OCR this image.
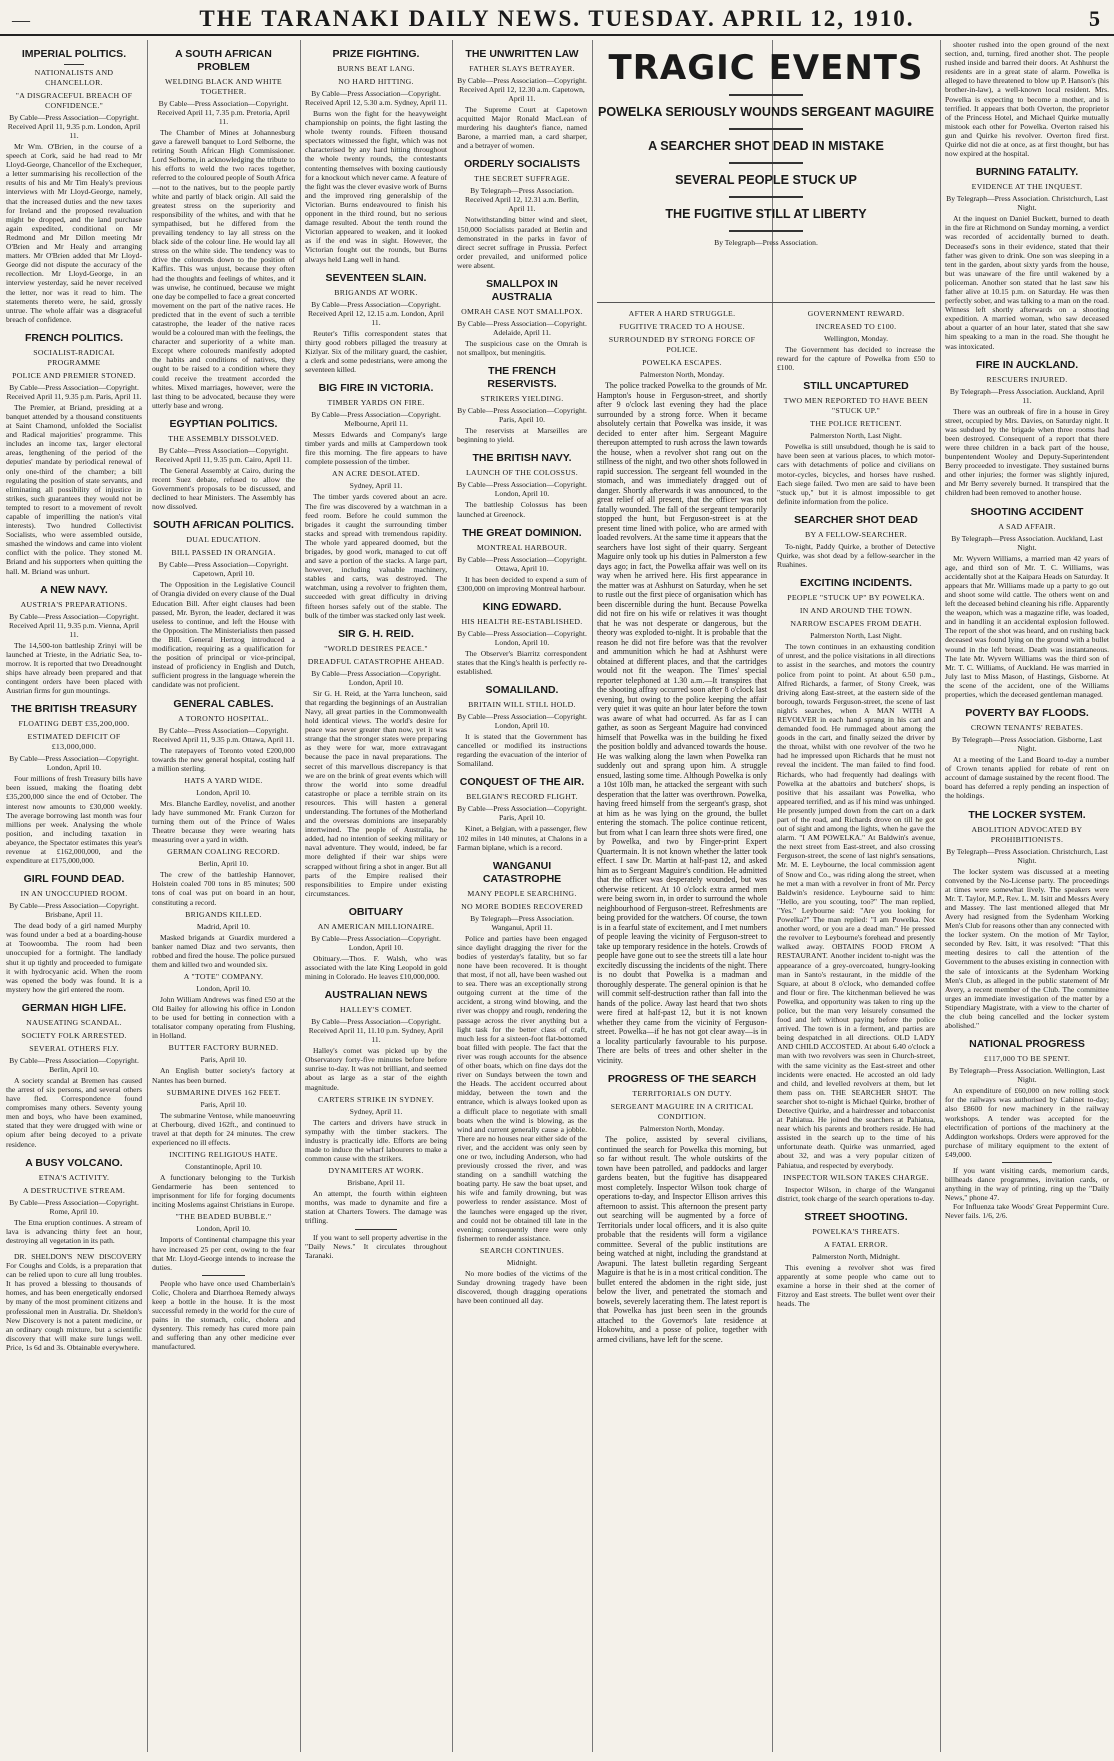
—	THE TARANAKI DAILY NEWS. TUESDAY. APRIL 12, 1910.	5
IMPERIAL POLITICS.
NATIONALISTS AND CHANCELLOR.
"A DISGRACEFUL BREACH OF CONFIDENCE."
By Cable—Press Association—Copyright. Received April 11, 9.35 p.m. London, April 11.

Mr Wm. O'Brien, in the course of a speech at Cork, said he had read to Mr Lloyd-George, Chancellor of the Exchequer, a letter summarising his recollection of the results of his and Mr Tim Healy's previous interviews with Mr Lloyd-George, namely, that the increased duties and the new taxes for Ireland and the proposed revaluation might be dropped, and the land purchase again expedited, conditional on Mr Redmond and Mr Dillon meeting Mr O'Brien and Mr Healy and arranging matters. Mr O'Brien added that Mr Lloyd-George did not dispute the accuracy of the recollection. Mr Lloyd-George, in an interview yesterday, said he never received the letter, nor was it read to him. The statements thereto were, he said, grossly untrue. The whole affair was a disgraceful breach of confidence.

FRENCH POLITICS.
SOCIALIST-RADICAL PROGRAMME
POLICE AND PREMIER STONED.
By Cable—Press Association—Copyright. Received April 11, 9.35 p.m. Paris, April 11.

The Premier, at Briand, presiding at a banquet attended by a thousand constituents at Saint Chamond, unfolded the Socialist and Radical majorities' programme. This includes an income tax, larger electoral areas, lengthening of the period of the deputies' mandate by periodical renewal of only one-third of the chamber; a bill regulating the position of state servants, and eliminating all possibility of injustice in strikes, such guarantees they would not be tempted to resort to a movement of revolt capable of imperilling the nation's vital interests). Two hundred Collectivist Socialists, who were assembled outside, smashed the windows and came into violent conflict with the police. They stoned M. Briand and his supporters when quitting the hall. M. Briand was unhurt.

A NEW NAVY.
AUSTRIA'S PREPARATIONS.
By Cable—Press Association—Copyright. Received April 11, 9.35 p.m. Vienna, April 11.

The 14,500-ton battleship Zrinyi will be launched at Trieste, in the Adriatic Sea, to-morrow. It is reported that two Dreadnought ships have already been prepared and that contingent orders have been placed with Austrian firms for gun mountings.

THE BRITISH TREASURY
FLOATING DEBT £35,200,000.
ESTIMATED DEFICIT OF £13,000,000.
By Cable—Press Association—Copyright. London, April 10.

Four millions of fresh Treasury bills have been issued, making the floating debt £35,200,000 since the end of October. The interest now amounts to £30,000 weekly. The average borrowing last month was four millions per week. Analysing the whole position, and including taxation in abeyance, the Spectator estimates this year's revenue at £162,000,000, and the expenditure at £175,000,000.

GIRL FOUND DEAD.
IN AN UNOCCUPIED ROOM.
By Cable—Press Association—Copyright. Brisbane, April 11.

The dead body of a girl named Murphy was found under a bed at a boarding-house at Toowoomba. The room had been unoccupied for a fortnight. The landlady shut it up tightly and proceeded to fumigate it with hydrocyanic acid. When the room was opened the body was found. It is a mystery how the girl entered the room.

GERMAN HIGH LIFE.
NAUSEATING SCANDAL.
SOCIETY FOLK ARRESTED.
SEVERAL OTHERS FLY.
By Cable—Press Association—Copyright. Berlin, April 10.

A society scandal at Bremen has caused the arrest of six persons, and several others have fled. Correspondence found compromises many others. Seventy young men and boys, who have been examined, stated that they were drugged with wine or opium after being decoyed to a private residence.

A BUSY VOLCANO.
ETNA'S ACTIVITY.
A DESTRUCTIVE STREAM.
By Cable—Press Association—Copyright. Rome, April 10.

The Etna eruption continues. A stream of lava is advancing thirty feet an hour, destroying all vegetation in its path.

DR. SHELDON'S NEW DISCOVERY For Coughs and Colds, is a preparation that can be relied upon to cure all lung troubles. It has proved a blessing to thousands of homes, and has been energetically endorsed by many of the most prominent citizens and professional men in Australia. Dr. Sheldon's New Discovery is not a patent medicine, or an ordinary cough mixture, but a scientific discovery that will make sure lungs well. Price, 1s 6d and 3s. Obtainable everywhere.

A SOUTH AFRICAN PROBLEM
WELDING BLACK AND WHITE TOGETHER.
By Cable—Press Association—Copyright. Received April 11, 7.35 p.m. Pretoria, April 11.

The Chamber of Mines at Johannesburg gave a farewell banquet to Lord Selborne, the retiring South African High Commissioner. Lord Selborne, in acknowledging the tribute to his efforts to weld the two races together, referred to the coloured people of South Africa—not to the natives, but to the people partly white and partly of black origin. All said the greatest stress on the superiority and responsibility of the whites, and with that he sympathised, but he differed from the prevailing tendency to lay all stress on the black side of the colour line. He would lay all stress on the white side. The tendency was to drive the coloureds down to the position of Kaffirs. This was unjust, because they often had the thoughts and feelings of whites, and it was unwise, he continued, because we might one day be compelled to face a great concerted movement on the part of the native races. He predicted that in the event of such a terrible catastrophe, the leader of the native races would be a coloured man with the feelings, the character and superiority of a white man. Except where coloureds manifestly adopted the habits and conditions of natives, they ought to be raised to a condition where they could receive the treatment accorded the whites. Mixed marriages, however, were the last thing to be advocated, because they were utterly base and wrong.

EGYPTIAN POLITICS.
THE ASSEMBLY DISSOLVED.
By Cable—Press Association—Copyright. Received April 11, 9.35 p.m. Cairo, April 11.

The General Assembly at Cairo, during the recent Suez debate, refused to allow the Government's proposals to be discussed, and declined to hear Ministers. The Assembly has now dissolved.

SOUTH AFRICAN POLITICS.
DUAL EDUCATION.
BILL PASSED IN ORANGIA.
By Cable—Press Association—Copyright. Capetown, April 10.

The Opposition in the Legislative Council of Orangia divided on every clause of the Dual Education Bill. After eight clauses had been passed, Mr. Byron, the leader, declared it was useless to continue, and left the House with the Opposition. The Ministerialists then passed the Bill. General Hertzog introduced a modification, requiring as a qualification for the position of principal or vice-principal, instead of proficiency in English and Dutch, sufficient progress in the language wherein the candidate was not proficient.

GENERAL CABLES.
A TORONTO HOSPITAL.
By Cable—Press Association—Copyright. Received April 11, 9.35 p.m. Ottawa, April 11.

The ratepayers of Toronto voted £200,000 towards the new general hospital, costing half a million sterling.

HATS A YARD WIDE.
London, April 10.

Mrs. Blanche Eardley, novelist, and another lady have summoned Mr. Frank Curzon for turning them out of the Prince of Wales Theatre because they were wearing hats measuring over a yard in width.

GERMAN COALING RECORD.
Berlin, April 10.

The crew of the battleship Hannover, Holstein coaled 700 tons in 85 minutes; 500 tons of coal was put on board in an hour, constituting a record.

BRIGANDS KILLED.
Madrid, April 10.

Masked brigands at Guardix murdered a banker named Diaz and two servants, then robbed and fired the house. The police pursued them and killed two and wounded six.

A "TOTE" COMPANY.
London, April 10.

John William Andrews was fined £50 at the Old Bailey for allowing his office in London to be used for betting in connection with a totalisator company operating from Flushing, in Holland.

BUTTER FACTORY BURNED.
Paris, April 10.

An English butter society's factory at Nantes has been burned.

SUBMARINE DIVES 162 FEET.
Paris, April 10.

The submarine Ventose, while manoeuvring at Cherbourg, dived 162ft., and continued to travel at that depth for 24 minutes. The crew experienced no ill effects.

INCITING RELIGIOUS HATE.
Constantinople, April 10.

A functionary belonging to the Turkish Gendarmerie has been sentenced to imprisonment for life for forging documents inciting Moslems against Christians in Europe.

"THE BEADED BUBBLE."
London, April 10.

Imports of Continental champagne this year have increased 25 per cent, owing to the fear that Mr. Lloyd-George intends to increase the duties.

People who have once used Chamberlain's Colic, Cholera and Diarrhoea Remedy always keep a bottle in the house. It is the most successful remedy in the world for the cure of pains in the stomach, colic, cholera and dysentery. This remedy has cured more pain and suffering than any other medicine ever manufactured.

PRIZE FIGHTING.
BURNS BEAT LANG.
NO HARD HITTING.
By Cable—Press Association—Copyright. Received April 12, 5.30 a.m. Sydney, April 11.

Burns won the fight for the heavyweight championship on points, the fight lasting the whole twenty rounds. Fifteen thousand spectators witnessed the fight, which was not characterised by any hard hitting throughout the whole twenty rounds, the contestants contenting themselves with boxing cautiously for a knockout which never came. A feature of the fight was the clever evasive work of Burns and the improved ring generalship of the Victorian. Burns endeavoured to finish his opponent in the third round, but no serious damage resulted. About the tenth round the Victorian appeared to weaken, and it looked as if the end was in sight. However, the Victorian fought out the rounds, but Burns always held Lang well in hand.

SEVENTEEN SLAIN.
BRIGANDS AT WORK.
By Cable—Press Association—Copyright. Received April 12, 12.15 a.m. London, April 11.

Reuter's Tiflis correspondent states that thirty good robbers pillaged the treasury at Kizlyar. Six of the military guard, the cashier, a clerk and some pedestrians, were among the seventeen killed.

BIG FIRE IN VICTORIA.
TIMBER YARDS ON FIRE.
By Cable—Press Association—Copyright. Melbourne, April 11.

Messrs Edwards and Company's large timber yards and mills at Camperdown took fire this morning. The fire appears to have complete possession of the timber.

AN ACRE DESOLATED.
Sydney, April 11.

The timber yards covered about an acre. The fire was discovered by a watchman in a feed room. Before he could summon the brigades it caught the surrounding timber stacks and spread with tremendous rapidity. The whole yard appeared doomed, but the brigades, by good work, managed to cut off and save a portion of the stacks. A large part, however, including valuable machinery, stables and carts, was destroyed. The watchman, using a revolver to frighten them, succeeded with great difficulty in driving fifteen horses safely out of the stable. The bulk of the timber was stacked only last week.

SIR G. H. REID.
"WORLD DESIRES PEACE."
DREADFUL CATASTROPHE AHEAD.
By Cable—Press Association—Copyright. London, April 10.

Sir G. H. Reid, at the Yarra luncheon, said that regarding the beginnings of an Australian Navy, all great parties in the Commonwealth hold identical views. The world's desire for peace was never greater than now, yet it was strange that the stronger states were preparing as they were for war, more extravagant because the pace in naval preparations. The secret of this marvellous discrepancy is that we are on the brink of great events which will throw the world into some dreadful catastrophe or place a terrible strain on its resources. This will hasten a general understanding. The fortunes of the Motherland and the overseas dominions are inseparably intertwined. The people of Australia, he added, had no intention of seeking military or naval adventure. They would, indeed, be far more delighted if their war ships were scrapped without firing a shot in anger. But all parts of the Empire realised their responsibilities to Empire under existing circumstances.

OBITUARY
AN AMERICAN MILLIONAIRE.
By Cable—Press Association—Copyright. London, April 10.

Obituary.—Thos. F. Walsh, who was associated with the late King Leopold in gold mining in Colorado. He leaves £10,000,000.

AUSTRALIAN NEWS
HALLEY'S COMET.
By Cable—Press Association—Copyright. Received April 11, 11.10 p.m. Sydney, April 11.

Halley's comet was picked up by the Observatory forty-five minutes before before sunrise to-day. It was not brilliant, and seemed about as large as a star of the eighth magnitude.

CARTERS STRIKE IN SYDNEY.
Sydney, April 11.

The carters and drivers have struck in sympathy with the timber stackers. The industry is practically idle. Efforts are being made to induce the wharf labourers to make a common cause with the strikers.

DYNAMITERS AT WORK.
Brisbane, April 11.

An attempt, the fourth within eighteen months, was made to dynamite and fire a station at Charters Towers. The damage was trifling.

If you want to sell property advertise in the "Daily News." It circulates throughout Taranaki.

THE UNWRITTEN LAW
FATHER SLAYS BETRAYER.
By Cable—Press Association—Copyright. Received April 12, 12.30 a.m. Capetown, April 11.

The Supreme Court at Capetown acquitted Major Ronald MacLean of murdering his daughter's fiance, named Barone, a married man, a card sharper, and a betrayer of women.

ORDERLY SOCIALISTS
THE SECRET SUFFRAGE.
By Telegraph—Press Association. Received April 12, 12.31 a.m. Berlin, April 11.

Notwithstanding bitter wind and sleet, 150,000 Socialists paraded at Berlin and demonstrated in the parks in favor of direct secret suffrage in Prussia. Perfect order prevailed, and uniformed police were absent.

SMALLPOX IN AUSTRALIA
OMRAH CASE NOT SMALLPOX.
By Cable—Press Association—Copyright. Adelaide, April 11.

The suspicious case on the Omrah is not smallpox, but meningitis.

THE FRENCH RESERVISTS.
STRIKERS YIELDING.
By Cable—Press Association—Copyright. Paris, April 10.

The reservists at Marseilles are beginning to yield.

THE BRITISH NAVY.
LAUNCH OF THE COLOSSUS.
By Cable—Press Association—Copyright. London, April 10.

The battleship Colossus has been launched at Greenock.

THE GREAT DOMINION.
MONTREAL HARBOUR.
By Cable—Press Association—Copyright. Ottawa, April 10.

It has been decided to expend a sum of £300,000 on improving Montreal harbour.

KING EDWARD.
HIS HEALTH RE-ESTABLISHED.
By Cable—Press Association—Copyright. London, April 10.

The Observer's Biarritz correspondent states that the King's health is perfectly re-established.

SOMALILAND.
BRITAIN WILL STILL HOLD.
By Cable—Press Association—Copyright. London, April 10.

It is stated that the Government has cancelled or modified its instructions regarding the evacuation of the interior of Somaliland.

CONQUEST OF THE AIR.
BELGIAN'S RECORD FLIGHT.
By Cable—Press Association—Copyright. Paris, April 10.

Kinet, a Belgian, with a passenger, flew 102 miles in 140 minutes, at Chalons in a Farman biplane, which is a record.

WANGANUI CATASTROPHE
MANY PEOPLE SEARCHING.
NO MORE BODIES RECOVERED
By Telegraph—Press Association. Wanganui, April 11.

Police and parties have been engaged since daylight dragging the river for the bodies of yesterday's fatality, but so far none have been recovered. It is thought that most, if not all, have been washed out to sea. There was an exceptionally strong outgoing current at the time of the accident, a strong wind blowing, and the river was choppy and rough, rendering the passage across the river anything but a light task for the better class of craft, much less for a sixteen-foot flat-bottomed boat filled with people. The fact that the river was rough accounts for the absence of other boats, which on fine days dot the river on Sundays between the town and the Heads. The accident occurred about midday, between the town and the entrance, which is always looked upon as a difficult place to negotiate with small boats when the wind is blowing, as the wind and current generally cause a jobble. There are no houses near either side of the river, and the accident was only seen by one or two, including Anderson, who had previously crossed the river, and was standing on a sandhill watching the boating party. He saw the boat upset, and his wife and family drowning, but was powerless to render assistance. Most of the launches were engaged up the river, and could not be obtained till late in the evening; consequently there were only fishermen to render assistance.

SEARCH CONTINUES.
Midnight.

No more bodies of the victims of the Sunday drowning tragedy have been discovered, though dragging operations have been continued all day.

TRAGIC EVENTS
POWELKA SERIOUSLY WOUNDS SERGEANT MAGUIRE
A SEARCHER SHOT DEAD IN MISTAKE
SEVERAL PEOPLE STUCK UP
THE FUGITIVE STILL AT LIBERTY
By Telegraph—Press Association.
AFTER A HARD STRUGGLE.
FUGITIVE TRACED TO A HOUSE.
SURROUNDED BY STRONG FORCE OF POLICE.
POWELKA ESCAPES.
Palmerston North, Monday.

The police tracked Powelka to the grounds of Mr. Hampton's house in Ferguson-street, and shortly after 9 o'clock last evening they had the place surrounded by a strong force. When it became absolutely certain that Powelka was inside, it was decided to enter after him. Sergeant Maguire thereupon attempted to rush across the lawn towards the house, when a revolver shot rang out on the stillness of the night, and two other shots followed in rapid succession. The sergeant fell wounded in the stomach, and was immediately dragged out of danger. Shortly afterwards it was announced, to the great relief of all present, that the officer was not fatally wounded. The fall of the sergeant temporarily stopped the hunt, but Ferguson-street is at the present time lined with police, who are armed with loaded revolvers. At the same time it appears that the searchers have lost sight of their quarry. Sergeant Maguire only took up his duties in Palmerston a few days ago; in fact, the Powelka affair was well on its way when he arrived here. His first appearance in the matter was at Ashhurst on Saturday, when he set to rustle out the first piece of organisation which has been discernible during the hunt. Because Powelka did not fire on his wife or relatives it was thought that he was not desperate or dangerous, but the theory was exploded to-night. It is probable that the reason he did not fire before was that the revolver and ammunition which he had at Ashhurst were obtained at different places, and that the cartridges would not fit the weapon. The Times' special reporter telephoned at 1.30 a.m.—It transpires that the shooting affray occurred soon after 8 o'clock last evening, but owing to the police keeping the affair very quiet it was quite an hour later before the town was aware of what had occurred. As far as I can gather, as soon as Sergeant Maguire had convinced himself that Powelka was in the building he fixed the position boldly and advanced towards the house. He was walking along the lawn when Powelka ran suddenly out and sprang upon him. A struggle ensued, lasting some time. Although Powelka is only a 10st 10lb man, he attacked the sergeant with such desperation that the latter was overthrown. Powelka, having freed himself from the sergeant's grasp, shot at him as he was lying on the ground, the bullet entering the stomach. The police continue reticent, but from what I can learn three shots were fired, one by Powelka, and two by Finger-print Expert Quartermain. It is not known whether the latter took effect. I saw Dr. Martin at half-past 12, and asked him as to Sergeant Maguire's condition. He admitted that the officer was desperately wounded, but was otherwise reticent. At 10 o'clock extra armed men were being sworn in, in order to surround the whole neighbourhood of Ferguson-street. Refreshments are being provided for the watchers. Of course, the town is in a fearful state of excitement, and I met numbers of people leaving the vicinity of Ferguson-street to take up temporary residence in the hotels. Crowds of people have gone out to see the streets till a late hour excitedly discussing the incidents of the night. There is no doubt that Powelka is a madman and thoroughly desperate. The general opinion is that he will commit self-destruction rather than fall into the hands of the police. Away last heard that two shots were fired at half-past 12, but it is not known whether they came from the vicinity of Ferguson-street. Powelka—if he has not got clear away—is in a locality particularly favourable to his purpose. There are belts of trees and other shelter in the vicinity.

PROGRESS OF THE SEARCH
TERRITORIALS ON DUTY.
SERGEANT MAGUIRE IN A CRITICAL CONDITION.
Palmerston North, Monday.

The police, assisted by several civilians, continued the search for Powelka this morning, but so far without result. The whole outskirts of the town have been patrolled, and paddocks and larger gardens beaten, but the fugitive has disappeared most completely. Inspector Wilson took charge of operations to-day, and Inspector Ellison arrives this afternoon to assist. This afternoon the present party out searching will be augmented by a force of Territorials under local officers, and it is also quite probable that the residents will form a vigilance committee. Several of the public institutions are being watched at night, including the grandstand at Awapuni. The latest bulletin regarding Sergeant Maguire is that he is in a most critical condition. The bullet entered the abdomen in the right side, just below the liver, and penetrated the stomach and bowels, severely lacerating them. The latest report is that Powelka has just been seen in the grounds attached to the Governor's late residence at Hokowhitu, and a posse of police, together with armed civilians, have left for the scene.

GOVERNMENT REWARD.
INCREASED TO £100.
Wellington, Monday.

The Government has decided to increase the reward for the capture of Powelka from £50 to £100.

STILL UNCAPTURED
TWO MEN REPORTED TO HAVE BEEN "STUCK UP."
THE POLICE RETICENT.
Palmerston North, Last Night.

Powelka is still unsubdued, though he is said to have been seen at various places, to which motor-cars with detachments of police and civilians on motor-cycles, bicycles, and horses have rushed. Each siege failed. Two men are said to have been "stuck up," but it is almost impossible to get definite information from the police.

SEARCHER SHOT DEAD
BY A FELLOW-SEARCHER.

To-night, Paddy Quirke, a brother of Detective Quirke, was shot dead by a fellow-searcher in the Ruahines.

EXCITING INCIDENTS.
PEOPLE "STUCK UP" BY POWELKA.
IN AND AROUND THE TOWN.
NARROW ESCAPES FROM DEATH.
Palmerston North, Last Night.

The town continues in an exhausting condition of unrest, and the police visitations in all directions to assist in the searches, and motors the country police from point to point. At about 6.50 p.m., Alfred Richards, a farmer, of Stony Creek, was driving along East-street, at the eastern side of the borough, towards Ferguson-street, the scene of last night's searches, when A MAN WITH A REVOLVER in each hand sprang in his cart and demanded food. He rummaged about among the goods in the cart, and finally seized the driver by the throat, whilst with one revolver of the two he had he impressed upon Richards that he must not reveal the incident. The man failed to find food. Richards, who had frequently had dealings with Powelka at the abattoirs and butchers' shops, is positive that his assailant was Powelka, who appeared terrified, and as if his mind was unhinged. He presently jumped down from the cart on a dark part of the road, and Richards drove on till he got out of sight and among the lights, when he gave the alarm. "I AM POWELKA." At Baldwin's avenue, the next street from East-street, and also crossing Ferguson-street, the scene of last night's sensations, Mr. M. E. Leybourne, the local commission agent of Snow and Co., was riding along the street, when he met a man with a revolver in front of Mr. Percy Baldwin's residence. Leybourne said to him: "Hello, are you scouting, too?" The man replied, "Yes." Leybourne said: "Are you looking for Powelka?" The man replied: "I am Powelka. Not another word, or you are a dead man." He pressed the revolver to Leybourne's forehead and presently walked away. OBTAINS FOOD FROM A RESTAURANT. Another incident to-night was the appearance of a grey-overcoated, hungry-looking man in Santo's restaurant, in the middle of the Square, at about 8 o'clock, who demanded coffee and flour or fire. The kitchenman believed he was Powelka, and opportunity was taken to ring up the police, but the man very leisurely consumed the food and left without paying before the police arrived. The town is in a ferment, and parties are being despatched in all directions. OLD LADY AND CHILD ACCOSTED. At about 6.40 o'clock a man with two revolvers was seen in Church-street, with the same vicinity as the East-street and other incidents were enacted. He accosted an old lady and child, and levelled revolvers at them, but let them pass on. THE SEARCHER SHOT. The searcher shot to-night is Michael Quirke, brother of Detective Quirke, and a hairdresser and tobacconist at Pahiatua. He joined the searchers at Pahiatua, near which his parents and brothers reside. He had assisted in the search up to the time of his unfortunate death. Quirke was unmarried, aged about 32, and was a very popular citizen of Pahiatua, and respected by everybody.

INSPECTOR WILSON TAKES CHARGE.

Inspector Wilson, in charge of the Wanganui district, took charge of the search operations to-day.

STREET SHOOTING.
POWELKA'S THREATS.
A FATAL ERROR.
Palmerston North, Midnight.

This evening a revolver shot was fired apparently at some people who came out to examine a horse in their shed at the corner of Fitzroy and East streets. The bullet went over their heads. The

shooter rushed into the open ground of the next section, and, turning, fired another shot. The people rushed inside and barred their doors. At Ashhurst the residents are in a great state of alarm. Powelka is alleged to have threatened to blow up P. Hanson's (his brother-in-law), a well-known local resident. Mrs. Powelka is expecting to become a mother, and is terrified. It appears that both Overton, the proprietor of the Princess Hotel, and Michael Quirke mutually mistook each other for Powelka. Overton raised his gun and Quirke his revolver. Overton fired first. Quirke did not die at once, as at first thought, but has now expired at the hospital.

BURNING FATALITY.
EVIDENCE AT THE INQUEST.
By Telegraph—Press Association. Christchurch, Last Night.

At the inquest on Daniel Buckett, burned to death in the fire at Richmond on Sunday morning, a verdict was recorded of accidentally burned to death. Deceased's sons in their evidence, stated that their father was given to drink. One son was sleeping in a tent in the garden, about sixty yards from the house, but was unaware of the fire until wakened by a policeman. Another son stated that he last saw his father alive at 10.15 p.m. on Saturday. He was then perfectly sober, and was talking to a man on the road. Witness left shortly afterwards on a shooting expedition. A married woman, who saw deceased about a quarter of an hour later, stated that she saw him speaking to a man in the road. She thought he was intoxicated.

FIRE IN AUCKLAND.
RESCUERS INJURED.
By Telegraph—Press Association. Auckland, April 11.

There was an outbreak of fire in a house in Grey street, occupied by Mrs. Davies, on Saturday night. It was subdued by the brigade when three rooms had been destroyed. Consequent of a report that there were three children in a back part of the house, bunpentendent Wooley and Deputy-Superintendent Berry proceeded to investigate. They sustained burns and other injuries; the former was slightly injured, and Mr Berry severely burned. It transpired that the children had been removed to another house.

SHOOTING ACCIDENT
A SAD AFFAIR.
By Telegraph—Press Association. Auckland, Last Night.

Mr. Wyvern Williams, a married man 42 years of age, and third son of Mr. T. C. Williams, was accidentally shot at the Kaipara Heads on Saturday. It appears that Mr. Williams made up a party to go out and shoot some wild cattle. The others went on and left the deceased behind cleaning his rifle. Apparently the weapon, which was a magazine rifle, was loaded, and in handling it an accidental explosion followed. The report of the shot was heard, and on rushing back deceased was found lying on the ground with a bullet wound in the left breast. Death was instantaneous. The late Mr. Wyvern Williams was the third son of Mr. T. C. Williams, of Auckland. He was married in July last to Miss Mason, of Hastings, Gisborne. At the scene of the accident, one of the Williams properties, which the deceased gentleman managed.

POVERTY BAY FLOODS.
CROWN TENANTS' REBATES.
By Telegraph—Press Association. Gisborne, Last Night.

At a meeting of the Land Board to-day a number of Crown tenants applied for rebate of rent on account of damage sustained by the recent flood. The board has deferred a reply pending an inspection of the holdings.

THE LOCKER SYSTEM.
ABOLITION ADVOCATED BY PROHIBITIONISTS.
By Telegraph—Press Association. Christchurch, Last Night.

The locker system was discussed at a meeting convened by the No-License party. The proceedings at times were somewhat lively. The speakers were Mr. T. Taylor, M.P., Rev. L. M. Isitt and Messrs Avery and Massey. The last mentioned alleged that Mr Avery had resigned from the Sydenham Working Men's Club for reasons other than any connected with the locker system. On the motion of Mr Taylor, seconded by Rev. Isitt, it was resolved: "That this meeting desires to call the attention of the Government to the abuses existing in connection with the sale of intoxicants at the Sydenham Working Men's Club, as alleged in the public statement of Mr Avery, a recent member of the Club. The committee urges an immediate investigation of the matter by a Stipendiary Magistrate, with a view to the charter of the club being cancelled and the locker system abolished."

NATIONAL PROGRESS
£117,000 TO BE SPENT.
By Telegraph—Press Association. Wellington, Last Night.

An expenditure of £60,000 on new rolling stock for the railways was authorised by Cabinet to-day; also £8600 for new machinery in the railway workshops. A tender was accepted for the electrification of portions of the machinery at the Addington workshops. Orders were approved for the purchase of military equipment to the extent of £49,000.

If you want visiting cards, memorium cards, billheads dance programmes, invitation cards, or anything in the way of printing, ring up the "Daily News," phone 47.

For Influenza take Woods' Great Peppermint Cure. Never fails. 1/6, 2/6.
